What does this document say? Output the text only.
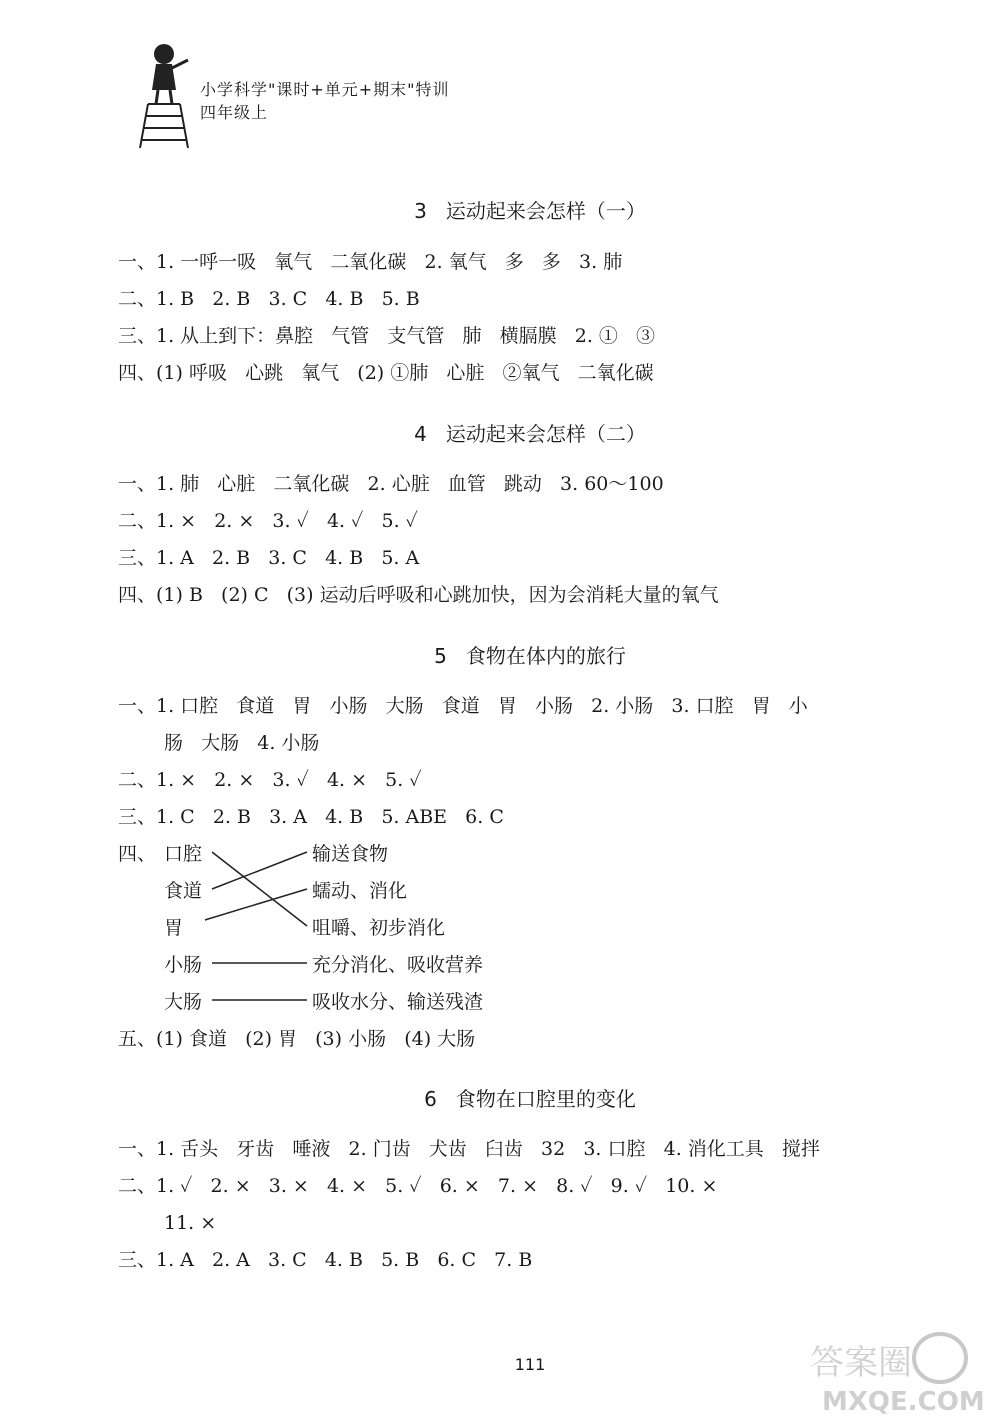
小学科学"课时+单元+期末"特训
四年级上
3   运动起来会怎样（一）
一、1. 一呼一吸   氧气   二氧化碳   2. 氧气   多   多   3. 肺
二、1. B   2. B   3. C   4. B   5. B
三、1. 从上到下：鼻腔   气管   支气管   肺   横膈膜   2. ①   ③
四、(1) 呼吸   心跳   氧气   (2) ①肺   心脏   ②氧气   二氧化碳
4   运动起来会怎样（二）
一、1. 肺   心脏   二氧化碳   2. 心脏   血管   跳动   3. 60～100
二、1. ×   2. ×   3. ✓   4. ✓   5. ✓
三、1. A   2. B   3. C   4. B   5. A
四、(1) B   (2) C   (3) 运动后呼吸和心跳加快，因为会消耗大量的氧气
5   食物在体内的旅行
一、1. 口腔   食道   胃   小肠   大肠   食道   胃   小肠   2. 小肠   3. 口腔   胃   小
肠   大肠   4. 小肠
二、1. ×   2. ×   3. ✓   4. ×   5. ✓
三、1. C   2. B   3. A   4. B   5. ABE   6. C
四、 口腔
食道
胃
小肠
大肠
输送食物
蠕动、消化
咀嚼、初步消化
充分消化、吸收营养
吸收水分、输送残渣
五、(1) 食道   (2) 胃   (3) 小肠   (4) 大肠
6   食物在口腔里的变化
一、1. 舌头   牙齿   唾液   2. 门齿   犬齿   臼齿   32   3. 口腔   4. 消化工具   搅拌
二、1. ✓   2. ×   3. ×   4. ×   5. ✓   6. ×   7. ×   8. ✓   9. ✓   10. ×
11. ×
三、1. A   2. A   3. C   4. B   5. B   6. C   7. B
111	答案圈
MXQE.COM
